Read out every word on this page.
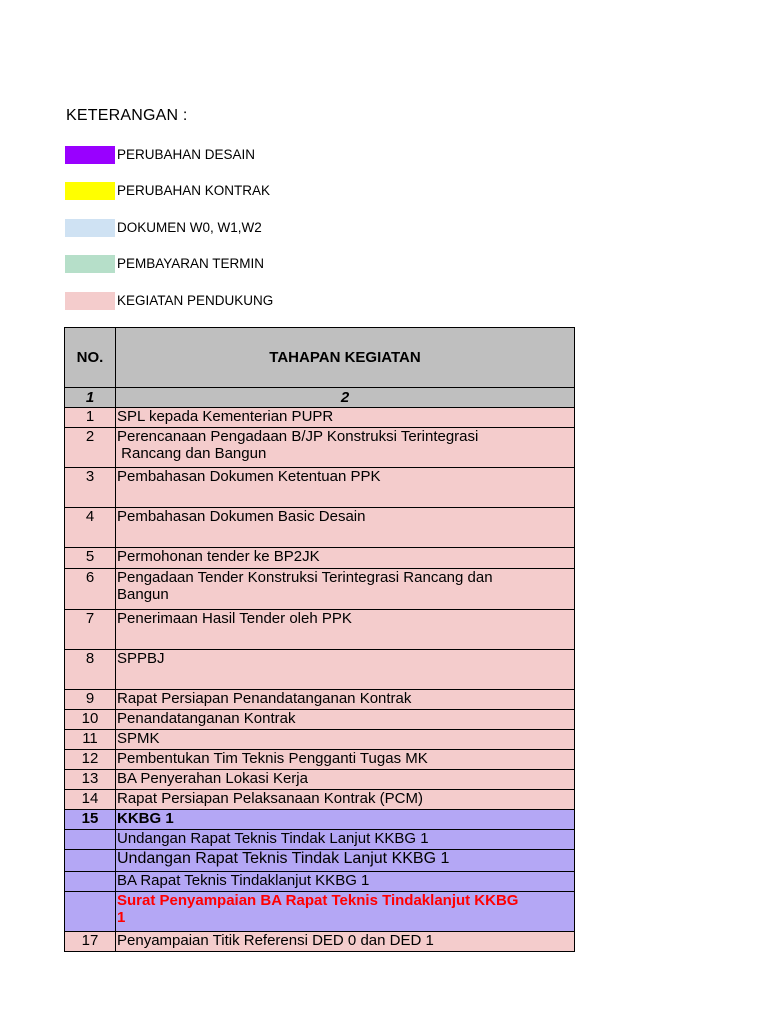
KETERANGAN :
PERUBAHAN DESAIN
PERUBAHAN KONTRAK
DOKUMEN W0, W1,W2
PEMBAYARAN TERMIN
KEGIATAN PENDUKUNG
NO.	TAHAPAN KEGIATAN
1	2
1	SPL kepada Kementerian PUPR
2	Perencanaan Pengadaan B/JP Konstruksi Terintegrasi
Rancang dan Bangun
3	Pembahasan Dokumen Ketentuan PPK
4	Pembahasan Dokumen Basic Desain
5	Permohonan tender ke BP2JK
6	Pengadaan Tender Konstruksi Terintegrasi Rancang dan
Bangun
7	Penerimaan Hasil Tender oleh PPK
8	SPPBJ
9	Rapat Persiapan Penandatanganan Kontrak
10	Penandatanganan Kontrak
11	SPMK
12	Pembentukan Tim Teknis Pengganti Tugas MK
13	BA Penyerahan Lokasi Kerja
14	Rapat Persiapan Pelaksanaan Kontrak (PCM)
15	KKBG 1
	Undangan Rapat Teknis Tindak Lanjut KKBG 1
	Undangan Rapat Teknis Tindak Lanjut KKBG 1
	BA Rapat Teknis Tindaklanjut KKBG 1
	Surat Penyampaian BA Rapat Teknis Tindaklanjut KKBG
1
17	Penyampaian Titik Referensi DED 0 dan DED 1
